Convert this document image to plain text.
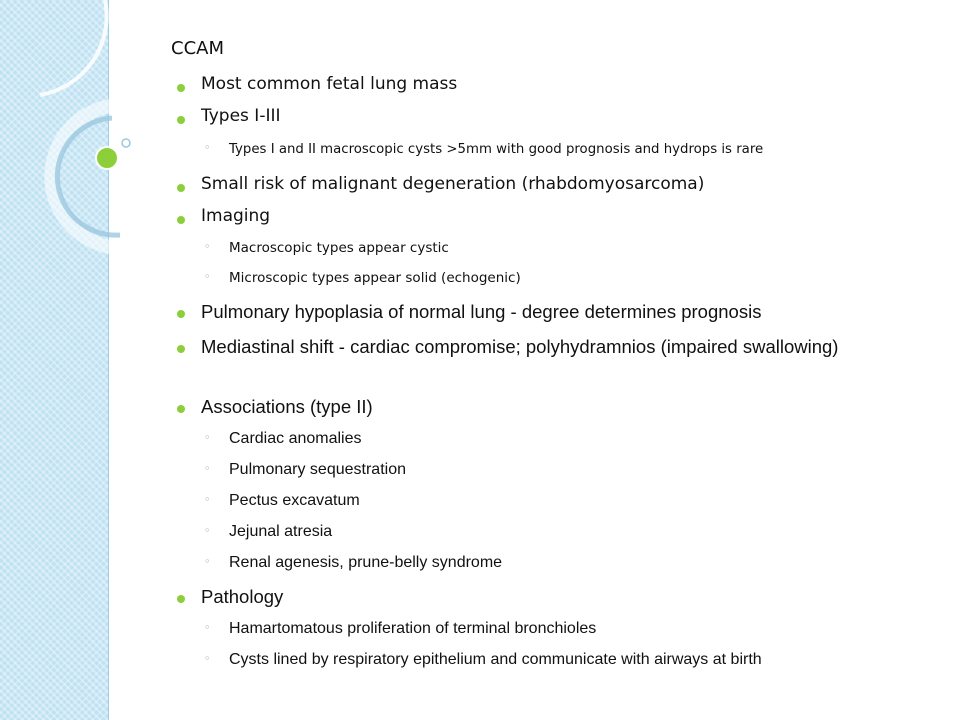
CCAM
Most common fetal lung mass
Types I-III
◦ Types I and II macroscopic cysts >5mm with good prognosis and hydrops is rare
Small risk of malignant degeneration (rhabdomyosarcoma)
Imaging
◦ Macroscopic types appear cystic
◦ Microscopic types appear solid (echogenic)
Pulmonary hypoplasia of normal lung - degree determines prognosis
Mediastinal shift - cardiac compromise; polyhydramnios (impaired swallowing)
Associations (type II)
◦ Cardiac anomalies
◦ Pulmonary sequestration
◦ Pectus excavatum
◦ Jejunal atresia
◦ Renal agenesis, prune-belly syndrome
Pathology
◦ Hamartomatous proliferation of terminal bronchioles
◦ Cysts lined by respiratory epithelium and communicate with airways at birth
